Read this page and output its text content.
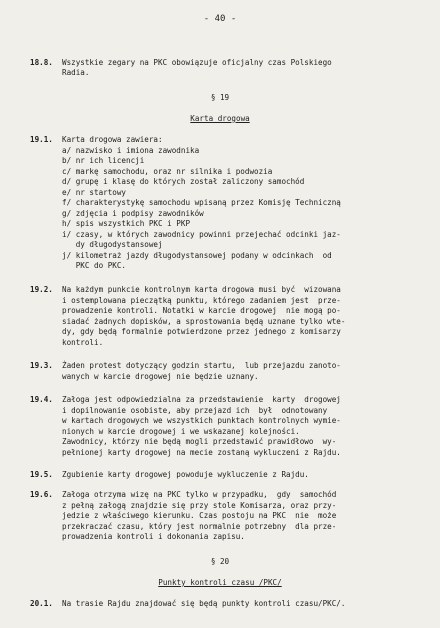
- 40 -
18.8. Wszystkie zegary na PKC obowiązuje oficjalny czas Polskiego
Radia.
§ 19
Karta drogowa
19.1. Karta drogowa zawiera:
a/ nazwisko i imiona zawodnika
b/ nr ich licencji
c/ markę samochodu, oraz nr silnika i podwozia
d/ grupę i klasę do których został zaliczony samochód
e/ nr startowy
f/ charakterystykę samochodu wpisaną przez Komisję Techniczną
g/ zdjęcia i podpisy zawodników
h/ spis wszystkich PKC i PKP
i/ czasy, w których zawodnicy powinni przejechać odcinki jaz-
dy długodystansowej
j/ kilometraż jazdy długodystansowej podany w odcinkach  od
PKC do PKC.
19.2. Na każdym punkcie kontrolnym karta drogowa musi być  wizowana
i ostemplowana pieczątką punktu, którego zadaniem jest  prze-
prowadzenie kontroli. Notatki w karcie drogowej  nie mogą po-
siadać żadnych dopisków, a sprostowania będą uznane tylko wte-
dy, gdy będą formalnie potwierdzone przez jednego z komisarzy
kontroli.
19.3. Żaden protest dotyczący godzin startu,  lub przejazdu zanoto-
wanych w karcie drogowej nie będzie uznany.
19.4. Załoga jest odpowiedzialna za przedstawienie  karty  drogowej
i dopilnowanie osobiste, aby przejazd ich  był  odnotowany
w kartach drogowych we wszystkich punktach kontrolnych wymie-
nionych w karcie drogowej i we wskazanej kolejności.
Zawodnicy, którzy nie będą mogli przedstawić prawidłowo  wy-
pełnionej karty drogowej na mecie zostaną wykluczeni z Rajdu.
19.5. Zgubienie karty drogowej powoduje wykluczenie z Rajdu.
19.6. Załoga otrzyma wizę na PKC tylko w przypadku,  gdy  samochód
z pełną załogą znajdzie się przy stole Komisarza, oraz przy-
jedzie z właściwego kierunku. Czas postoju na PKC  nie  może
przekraczać czasu, który jest normalnie potrzebny  dla prze-
prowadzenia kontroli i dokonania zapisu.
§ 20
Punkty kontroli czasu /PKC/
20.1. Na trasie Rajdu znajdować się będą punkty kontroli czasu/PKC/.
